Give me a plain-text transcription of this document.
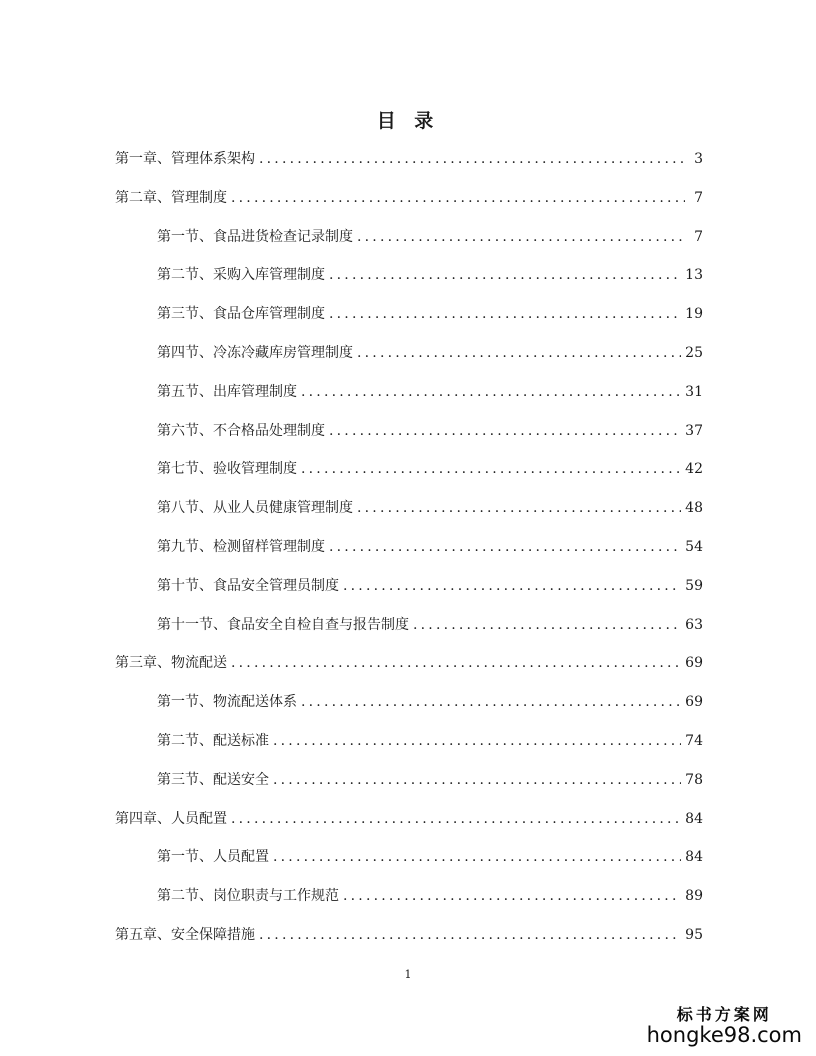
目 录
第一章、管理体系架构 .....	3
第二章、管理制度 .....	7
第一节、食品进货检查记录制度 .....	7
第二节、采购入库管理制度 .....	13
第三节、食品仓库管理制度 .....	19
第四节、冷冻冷藏库房管理制度 .....	25
第五节、出库管理制度 .....	31
第六节、不合格品处理制度 .....	37
第七节、验收管理制度 .....	42
第八节、从业人员健康管理制度 .....	48
第九节、检测留样管理制度 .....	54
第十节、食品安全管理员制度 .....	59
第十一节、食品安全自检自查与报告制度 .....	63
第三章、物流配送 .....	69
第一节、物流配送体系 .....	69
第二节、配送标准 .....	74
第三节、配送安全 .....	78
第四章、人员配置 .....	84
第一节、人员配置 .....	84
第二节、岗位职责与工作规范 .....	89
第五章、安全保障措施 .....	95
1
标书方案网
hongke98.com
